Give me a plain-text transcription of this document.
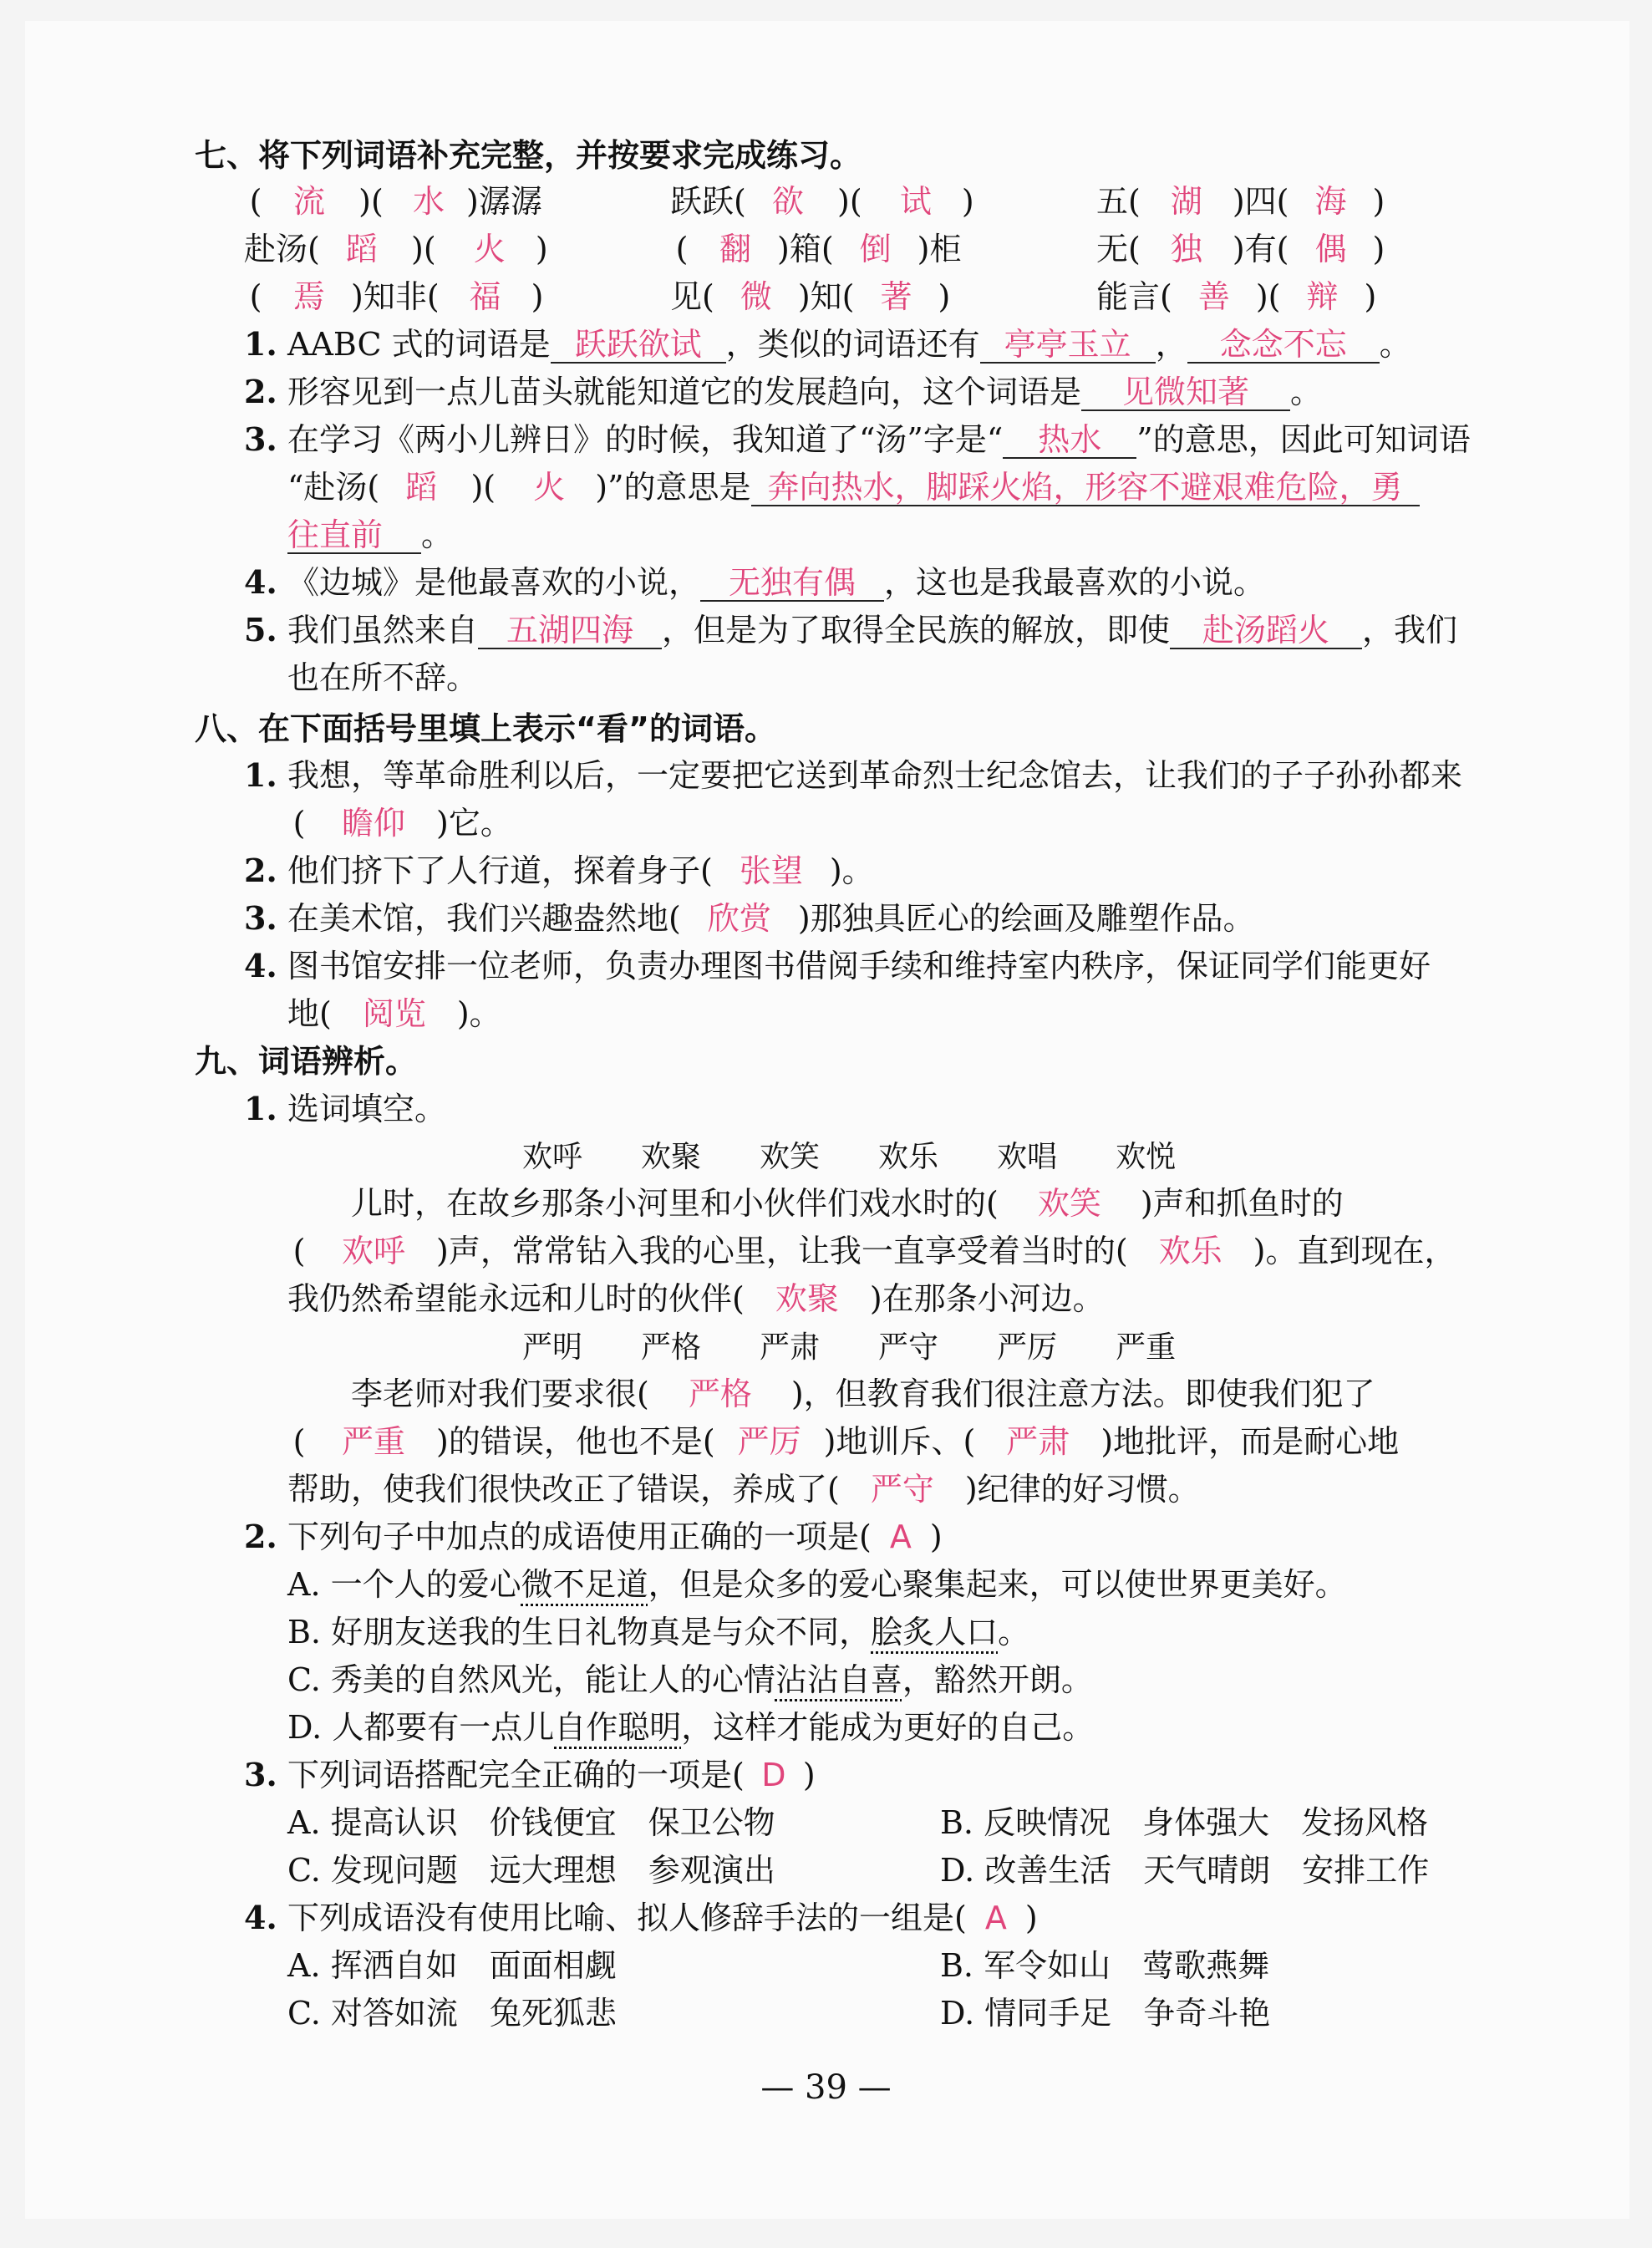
七、将下列词语补充完整，并按要求完成练习。
( 流 )( 水 )潺潺	跃跃( 欲 )( 试 )	五( 湖 )四( 海 )
赴汤( 蹈 )( 火 )	( 翻 )箱( 倒 )柜	无( 独 )有( 偶 )
( 焉 )知非( 福 )	见( 微 )知( 著 )	能言( 善 )( 辩 )
1. AABC 式的词语是 跃跃欲试 ，类似的词语还有 亭亭玉立 ， 念念不忘 。
2. 形容见到一点儿苗头就能知道它的发展趋向，这个词语是 见微知著 。
3. 在学习《两小儿辨日》的时候，我知道了“汤”字是“ 热水 ”的意思，因此可知词语
“赴汤( 蹈 )( 火 )”的意思是 奔向热水，脚踩火焰，形容不避艰难危险，勇
往直前 。
4. 《边城》是他最喜欢的小说， 无独有偶 ，这也是我最喜欢的小说。
5. 我们虽然来自 五湖四海 ，但是为了取得全民族的解放，即使 赴汤蹈火 ，我们
也在所不辞。
八、在下面括号里填上表示“看”的词语。
1. 我想，等革命胜利以后，一定要把它送到革命烈士纪念馆去，让我们的子子孙孙都来
( 瞻仰 )它。
2. 他们挤下了人行道，探着身子( 张望 )。
3. 在美术馆，我们兴趣盎然地( 欣赏 )那独具匠心的绘画及雕塑作品。
4. 图书馆安排一位老师，负责办理图书借阅手续和维持室内秩序，保证同学们能更好
地( 阅览 )。
九、词语辨析。
1. 选词填空。
欢呼 欢聚 欢笑 欢乐 欢唱 欢悦
儿时，在故乡那条小河里和小伙伴们戏水时的( 欢笑 )声和抓鱼时的
( 欢呼 )声，常常钻入我的心里，让我一直享受着当时的( 欢乐 )。直到现在，
我仍然希望能永远和儿时的伙伴( 欢聚 )在那条小河边。
严明 严格 严肃 严守 严厉 严重
李老师对我们要求很( 严格 )，但教育我们很注意方法。即使我们犯了
( 严重 )的错误，他也不是( 严厉 )地训斥、( 严肃 )地批评，而是耐心地
帮助，使我们很快改正了错误，养成了( 严守 )纪律的好习惯。
2. 下列句子中加点的成语使用正确的一项是( A )
A. 一个人的爱心微不足道，但是众多的爱心聚集起来，可以使世界更美好。
B. 好朋友送我的生日礼物真是与众不同，脍炙人口。
C. 秀美的自然风光，能让人的心情沾沾自喜，豁然开朗。
D. 人都要有一点儿自作聪明，这样才能成为更好的自己。
3. 下列词语搭配完全正确的一项是( D )
A. 提高认识　价钱便宜　保卫公物	B. 反映情况　身体强大　发扬风格
C. 发现问题　远大理想　参观演出	D. 改善生活　天气晴朗　安排工作
4. 下列成语没有使用比喻、拟人修辞手法的一组是( A )
A. 挥洒自如　面面相觑	B. 军令如山　莺歌燕舞
C. 对答如流　兔死狐悲	D. 情同手足　争奇斗艳
— 39 —
